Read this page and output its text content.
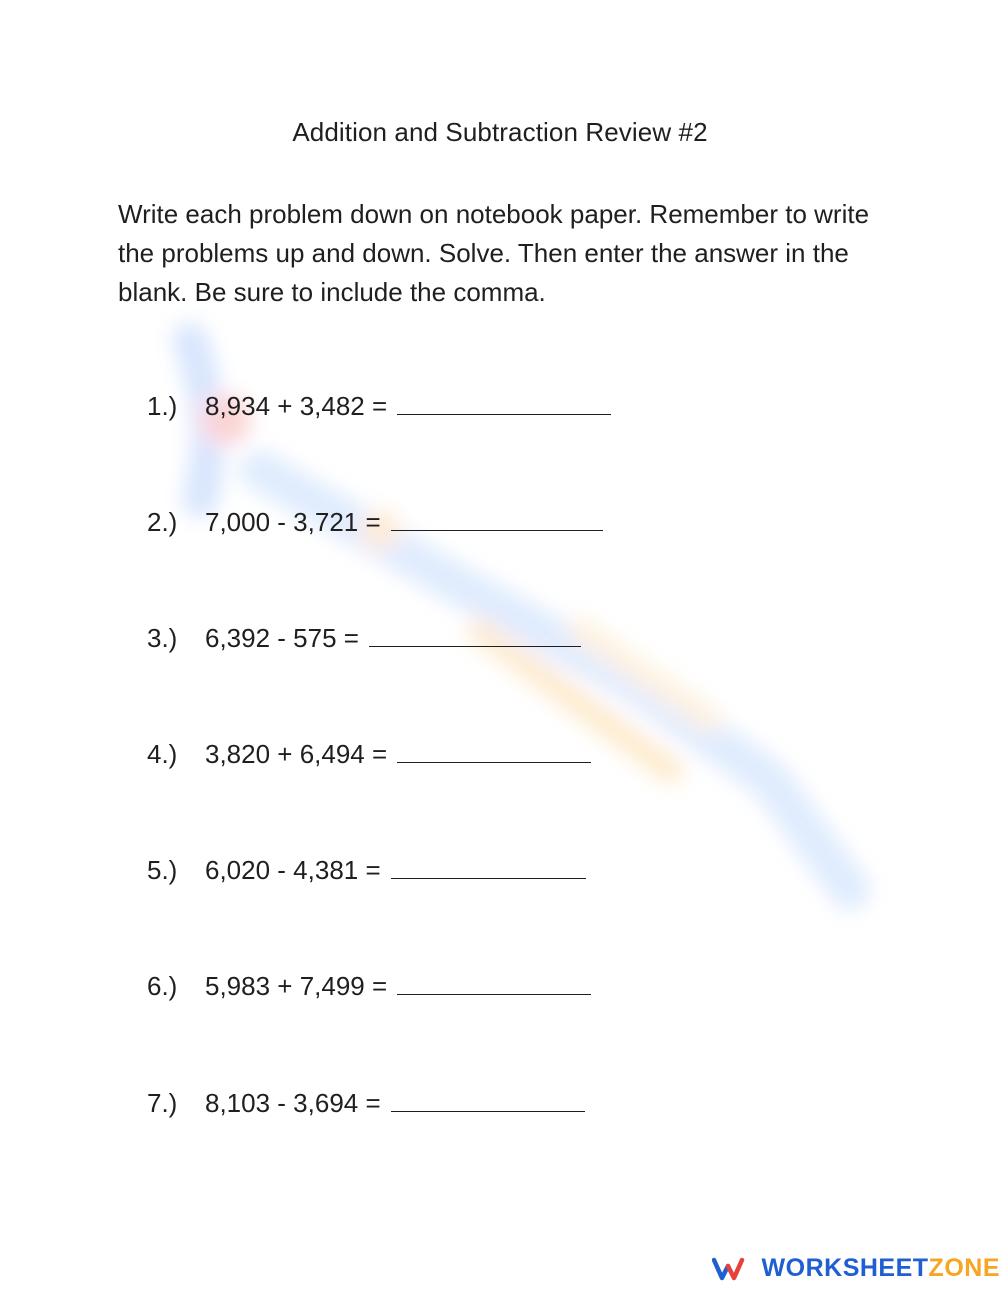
Addition and Subtraction Review #2
Write each problem down on notebook paper. Remember to write the problems up and down. Solve. Then enter the answer in the blank. Be sure to include the comma.
1.)	8,934 + 3,482 =
2.)	7,000 - 3,721 =
3.)	6,392 - 575 =
4.)	3,820 + 6,494 =
5.)	6,020 - 4,381 =
6.)	5,983 + 7,499 =
7.)	8,103 - 3,694 =
WORKSHEET ZONE
